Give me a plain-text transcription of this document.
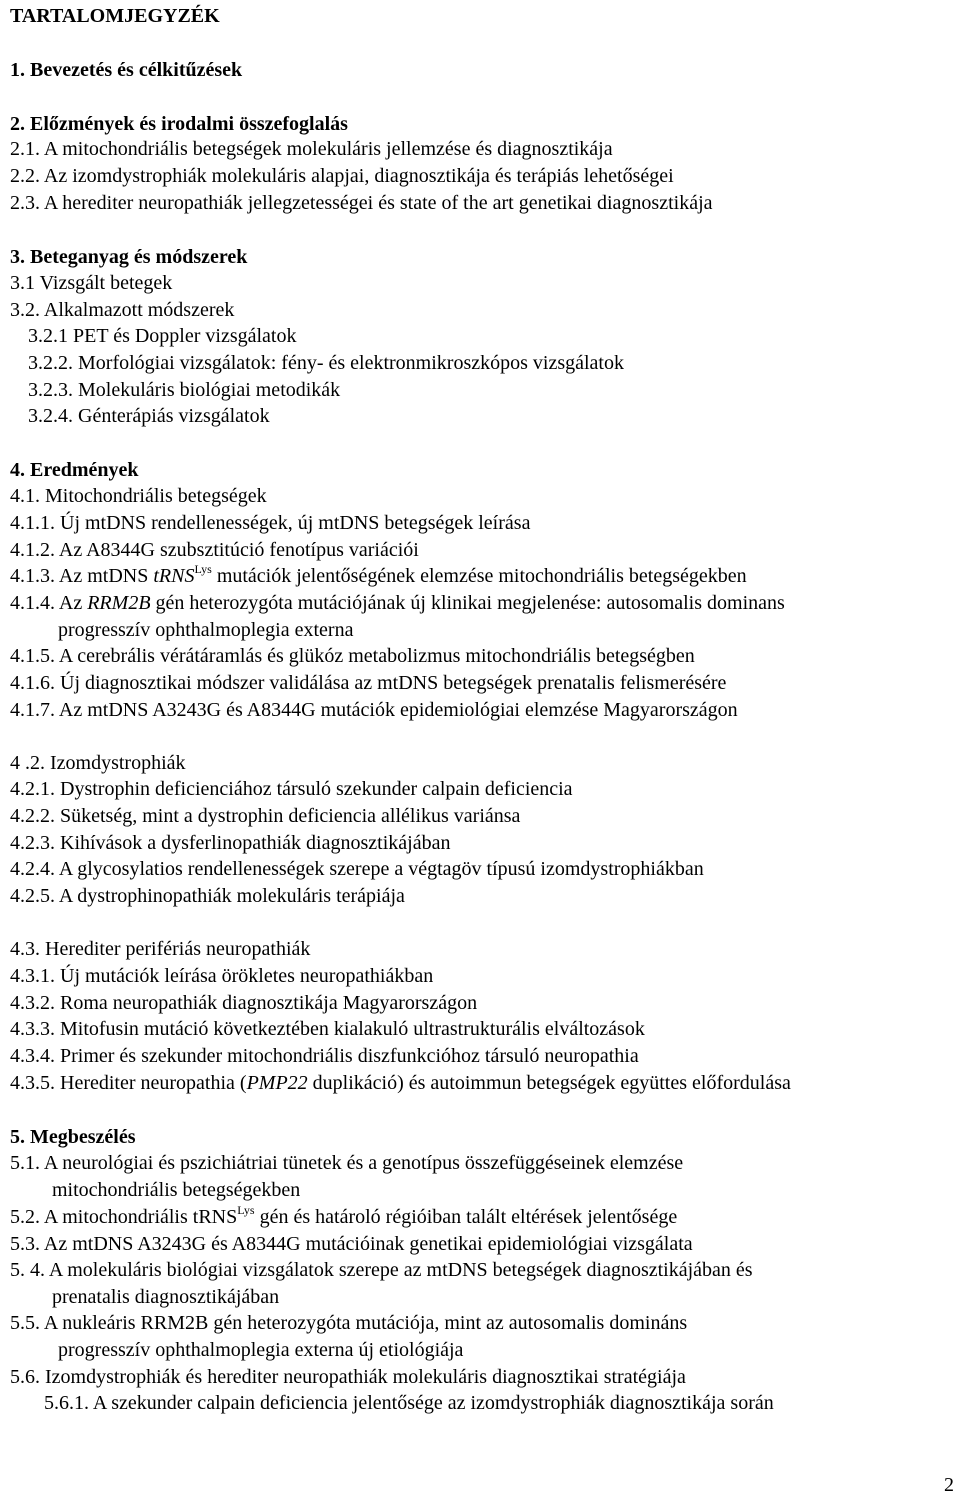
TARTALOMJEGYZÉK
1. Bevezetés és célkitűzések
2. Előzmények és irodalmi összefoglalás
2.1. A mitochondriális betegségek molekuláris jellemzése és diagnosztikája
2.2. Az izomdystrophiák molekuláris alapjai, diagnosztikája és terápiás lehetőségei
2.3. A herediter neuropathiák jellegzetességei és state of the art genetikai diagnosztikája
3. Beteganyag és módszerek
3.1 Vizsgált betegek
3.2. Alkalmazott módszerek
3.2.1 PET és Doppler vizsgálatok
3.2.2. Morfológiai vizsgálatok: fény- és elektronmikroszkópos vizsgálatok
3.2.3. Molekuláris biológiai metodikák
3.2.4. Génterápiás vizsgálatok
4. Eredmények
4.1. Mitochondriális betegségek
4.1.1. Új mtDNS rendellenességek, új mtDNS betegségek leírása
4.1.2. Az A8344G szubsztitúció fenotípus variációi
4.1.3. Az mtDNS tRNS$^{Lys}$ mutációk jelentőségének elemzése mitochondriális betegségekben
4.1.4. Az RRM2B gén heterozygóta mutációjának új klinikai megjelenése: autosomalis dominans
progresszív ophthalmoplegia externa
4.1.5. A cerebrális vérátáramlás és glükóz metabolizmus mitochondriális betegségben
4.1.6. Új diagnosztikai módszer validálása az mtDNS betegségek prenatalis felismerésére
4.1.7. Az mtDNS A3243G és A8344G mutációk epidemiológiai elemzése Magyarországon
4 .2. Izomdystrophiák
4.2.1. Dystrophin deficienciához társuló szekunder calpain deficiencia
4.2.2. Süketség, mint a dystrophin deficiencia allélikus variánsa
4.2.3. Kihívások a dysferlinopathiák diagnosztikájában
4.2.4. A glycosylatios rendellenességek szerepe a végtagöv típusú izomdystrophiákban
4.2.5. A dystrophinopathiák molekuláris terápiája
4.3. Herediter perifériás neuropathiák
4.3.1. Új mutációk leírása örökletes neuropathiákban
4.3.2. Roma neuropathiák diagnosztikája Magyarországon
4.3.3. Mitofusin mutáció következtében kialakuló ultrastrukturális elváltozások
4.3.4. Primer és szekunder mitochondriális diszfunkcióhoz társuló neuropathia
4.3.5. Herediter neuropathia (PMP22 duplikáció) és autoimmun betegségek együttes előfordulása
5. Megbeszélés
5.1. A neurológiai és pszichiátriai tünetek és a genotípus összefüggéseinek elemzése
mitochondriális betegségekben
5.2. A mitochondriális tRNS$^{Lys}$ gén és határoló régióiban talált eltérések jelentősége
5.3. Az mtDNS A3243G és A8344G mutációinak genetikai epidemiológiai vizsgálata
5. 4. A molekuláris biológiai vizsgálatok szerepe az mtDNS betegségek diagnosztikájában és
prenatalis diagnosztikájában
5.5. A nukleáris RRM2B gén heterozygóta mutációja, mint az autosomalis domináns
progresszív ophthalmoplegia externa új etiológiája
5.6. Izomdystrophiák és herediter neuropathiák molekuláris diagnosztikai stratégiája
5.6.1. A szekunder calpain deficiencia jelentősége az izomdystrophiák diagnosztikája során
2
